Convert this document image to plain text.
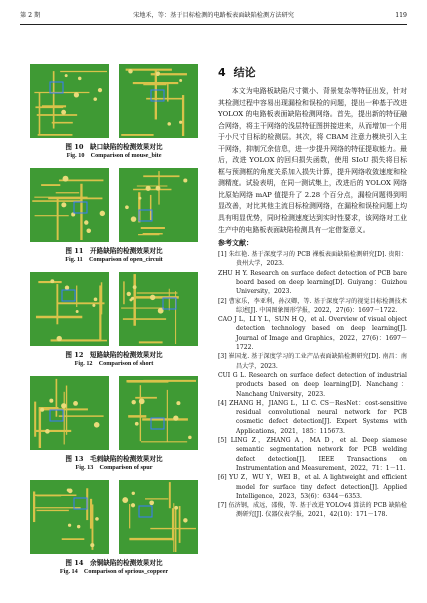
第 2 期	宋地禾，等：基于目标检测的电路板表面缺陷检测方法研究	119
图 10　缺口缺陷的检测效果对比
Fig. 10　Comparison of mouse_bite
图 11　开路缺陷的检测效果对比
Fig. 11　Comparison of open_circuit
图 12　短路缺陷的检测效果对比
Fig. 12　Comparison of short
图 13　毛刺缺陷的检测效果对比
Fig. 13　Comparison of spur
图 14　余铜缺陷的检测效果对比
Fig. 14　Comparison of sprious_coppeer
4 结论

本文为电路板缺陷尺寸微小、背景复杂等特征出发，针对其检测过程中容易出现漏检和误检的问题，提出一种基于改进 YOLOX 的电路板表面缺陷检测网络。首先，提出新的特征融合网络，将主干网络的浅层特征图拼接进来，从而增加一个用于小尺寸目标的检测层。其次，将 CBAM 注意力模块引入主干网络，抑制冗余信息，进一步提升网络的特征提取能力。最后，改进 YOLOX 的回归损失函数，使用 SIoU 损失将目标框与预测框的角度关系加入损失计算，提升网络收敛速度和检测精度。试验表明，在同一测试集上，改进后的 YOLOX 网络比原始网络 mAP 值提升了 2.28 个百分点，漏检问题得到明显改善，对比其他主流目标检测网络，在漏检和误检问题上均具有明显优势，同时检测速度达到实时性要求，该网络对工业生产中的电路板表面缺陷检测具有一定借鉴意义。

参考文献：

[1] 朱红艳. 基于深度学习的 PCB 裸板表面缺陷检测研究[D]. 贵阳：贵州大学，2023.

ZHU H Y. Research on surface defect detection of PCB bare board based on deep learning[D]. Guiyang：Guizhou University，2023.

[2] 曹家乐，李亚利，孙汉卿，等. 基于深度学习的视觉目标检测技术综述[J]. 中国图象图形学报，2022，27(6)：1697－1722.

CAO J L，LI Y L，SUN H Q，et al. Overview of visual object detection technology based on deep learning[J]. Journal of Image and Graphics，2022，27(6)：1697－1722.

[3] 崔国龙. 基于深度学习的工业产品表面缺陷检测研究[D]. 南昌：南昌大学，2023.

CUI G L. Research on surface defect detection of industrial products based on deep learning[D]. Nanchang：Nanchang University，2023.

[4] ZHANG H，JIANG L，LI C. CS－ResNet：cost-sensitive residual convolutional neural network for PCB cosmetic defect detection[J]. Expert Systems with Applications，2021，185：115673.

[5] LING Z，ZHANG A，MA D，et al. Deep siamese semantic segmentation network for PCB welding defect detection[J]. IEEE Transactions on Instrumentation and Measurement，2022，71：1－11.

[6] YU Z，WU Y，WEI B，et al. A lightweight and efficient model for surface tiny defect detection[J]. Applied Intelligence，2023，53(6)：6344－6353.

[7] 伍济钢，成远，邵俊，等. 基于改进 YOLOv4 算法的 PCB 缺陷检测研究[J]. 仪器仪表学报，2021，42(10)：171－178.
